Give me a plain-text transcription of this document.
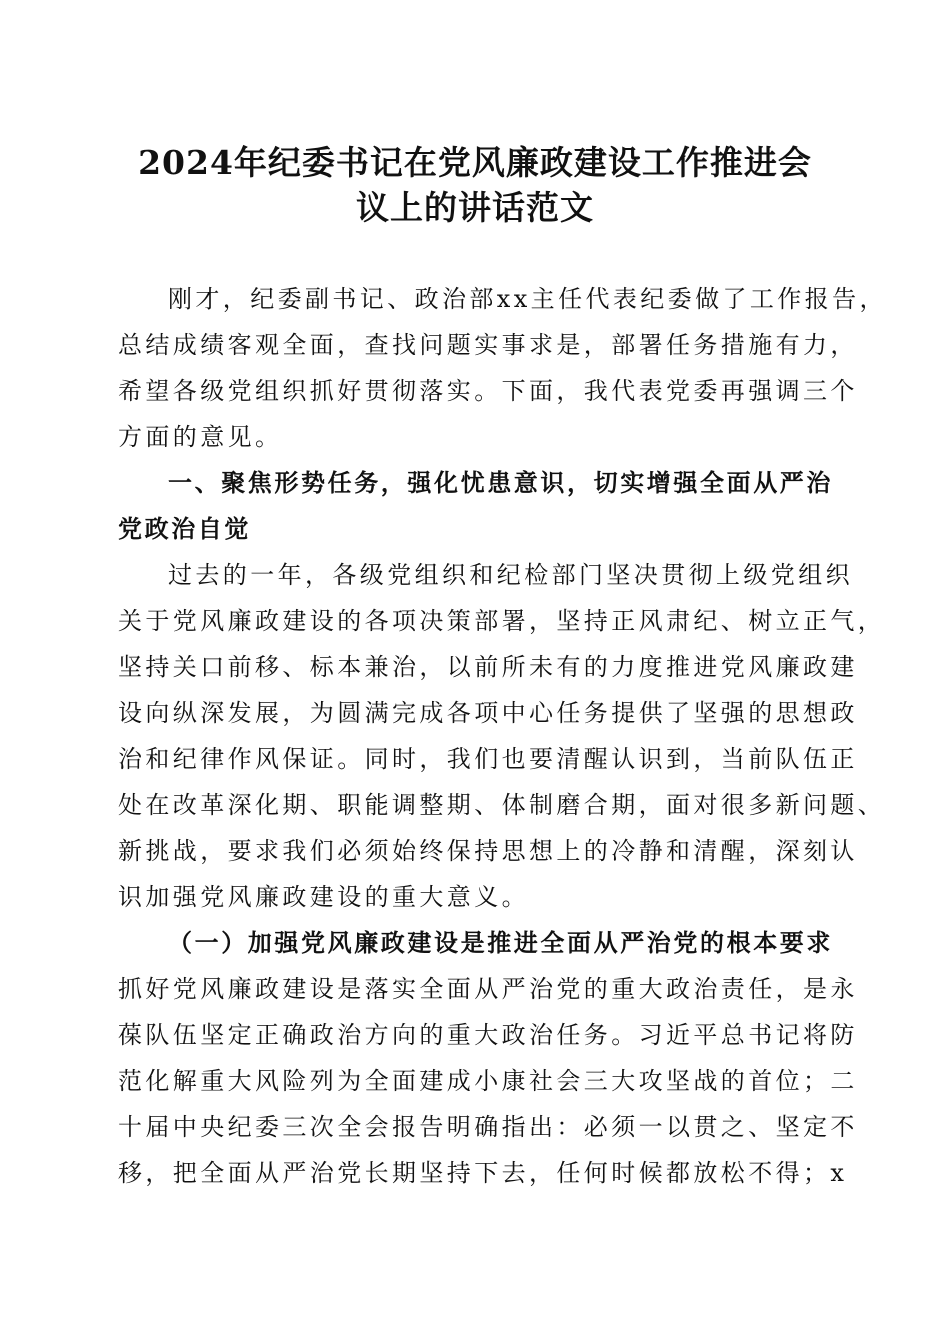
2024年纪委书记在党风廉政建设工作推进会
议上的讲话范文

刚才，纪委副书记、政治部xx主任代表纪委做了工作报告，

总结成绩客观全面，查找问题实事求是，部署任务措施有力，

希望各级党组织抓好贯彻落实。下面，我代表党委再强调三个

方面的意见。

一、聚焦形势任务，强化忧患意识，切实增强全面从严治

党政治自觉

过去的一年，各级党组织和纪检部门坚决贯彻上级党组织

关于党风廉政建设的各项决策部署，坚持正风肃纪、树立正气，

坚持关口前移、标本兼治，以前所未有的力度推进党风廉政建

设向纵深发展，为圆满完成各项中心任务提供了坚强的思想政

治和纪律作风保证。同时，我们也要清醒认识到，当前队伍正

处在改革深化期、职能调整期、体制磨合期，面对很多新问题、

新挑战，要求我们必须始终保持思想上的冷静和清醒，深刻认

识加强党风廉政建设的重大意义。

（一）加强党风廉政建设是推进全面从严治党的根本要求

抓好党风廉政建设是落实全面从严治党的重大政治责任，是永

葆队伍坚定正确政治方向的重大政治任务。习近平总书记将防

范化解重大风险列为全面建成小康社会三大攻坚战的首位；二

十届中央纪委三次全会报告明确指出：必须一以贯之、坚定不

移，把全面从严治党长期坚持下去，任何时候都放松不得；x
